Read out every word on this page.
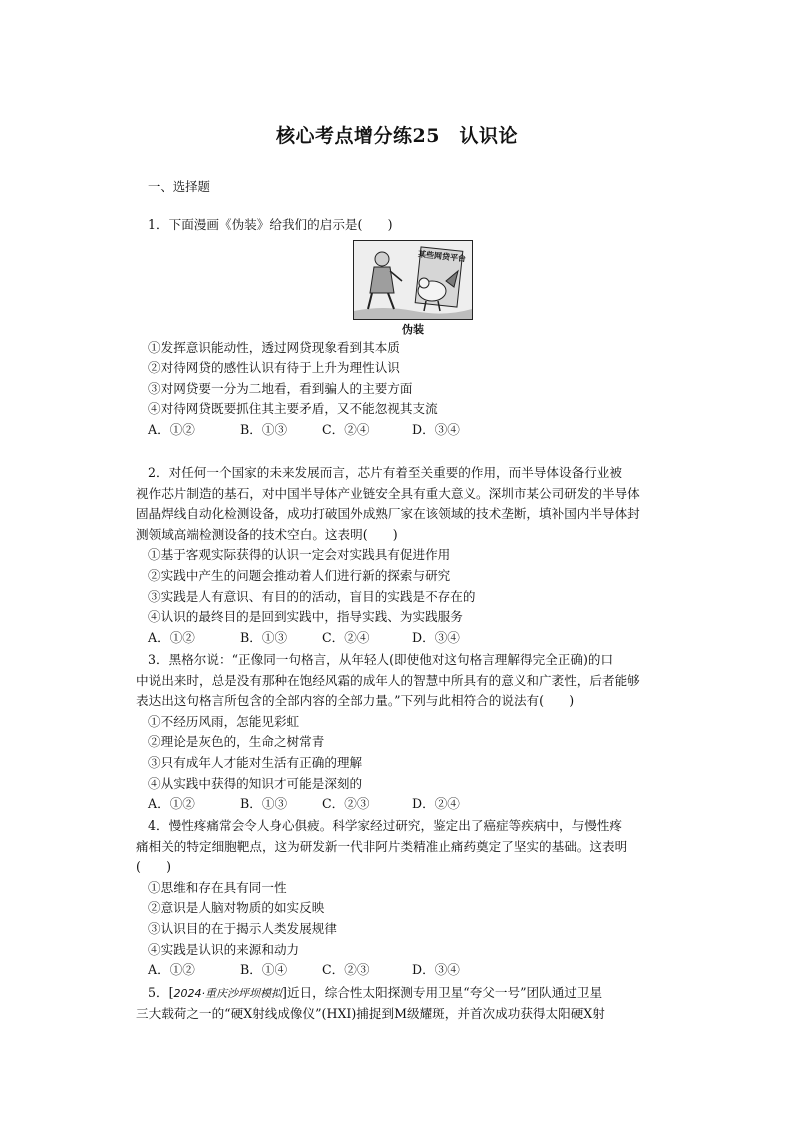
核心考点增分练25　认识论
一、选择题
1．下面漫画《伪装》给我们的启示是(　　)
某些网贷平台
伪装
①发挥意识能动性，透过网贷现象看到其本质
②对待网贷的感性认识有待于上升为理性认识
③对网贷要一分为二地看，看到骗人的主要方面
④对待网贷既要抓住其主要矛盾，又不能忽视其支流
A．①②	B．①③	C．②④	D．③④
2．对任何一个国家的未来发展而言，芯片有着至关重要的作用，而半导体设备行业被
视作芯片制造的基石，对中国半导体产业链安全具有重大意义。深圳市某公司研发的半导体
固晶焊线自动化检测设备，成功打破国外成熟厂家在该领域的技术垄断，填补国内半导体封
测领域高端检测设备的技术空白。这表明(　　)
①基于客观实际获得的认识一定会对实践具有促进作用
②实践中产生的问题会推动着人们进行新的探索与研究
③实践是人有意识、有目的的活动，盲目的实践是不存在的
④认识的最终目的是回到实践中，指导实践、为实践服务
A．①②	B．①③	C．②④	D．③④
3．黑格尔说：“正像同一句格言，从年轻人(即使他对这句格言理解得完全正确)的口
中说出来时，总是没有那种在饱经风霜的成年人的智慧中所具有的意义和广袤性，后者能够
表达出这句格言所包含的全部内容的全部力量。”下列与此相符合的说法有(　　)
①不经历风雨，怎能见彩虹
②理论是灰色的，生命之树常青
③只有成年人才能对生活有正确的理解
④从实践中获得的知识才可能是深刻的
A．①②	B．①③	C．②③	D．②④
4．慢性疼痛常会令人身心俱疲。科学家经过研究，鉴定出了癌症等疾病中，与慢性疼
痛相关的特定细胞靶点，这为研发新一代非阿片类精准止痛药奠定了坚实的基础。这表明
(　　)
①思维和存在具有同一性
②意识是人脑对物质的如实反映
③认识目的在于揭示人类发展规律
④实践是认识的来源和动力
A．①②	B．①④	C．②③	D．③④
5．[2024·重庆沙坪坝模拟]近日，综合性太阳探测专用卫星“夸父一号”团队通过卫星
三大载荷之一的“硬X射线成像仪”(HXI)捕捉到M级耀斑，并首次成功获得太阳硬X射
